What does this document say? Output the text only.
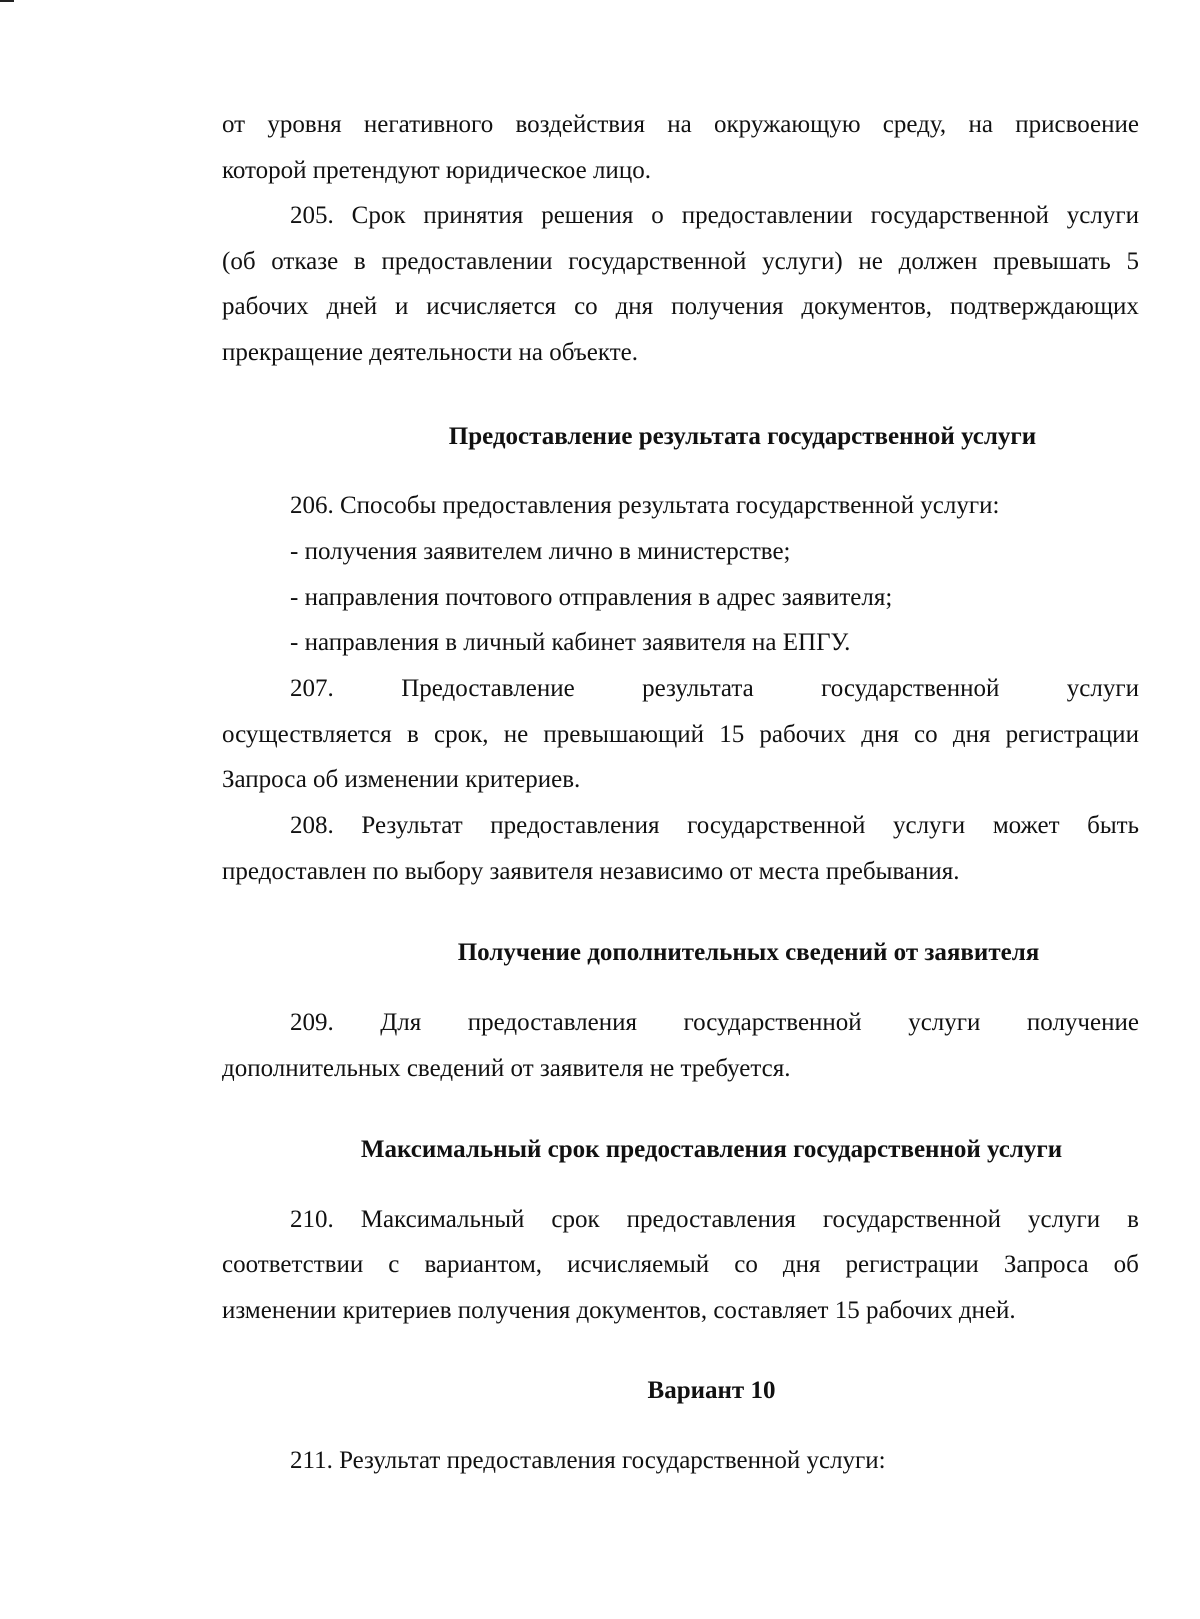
от уровня негативного воздействия на окружающую среду, на присвоение

которой претендуют юридическое лицо.

205. Срок принятия решения о предоставлении государственной услуги

(об отказе в предоставлении государственной услуги) не должен превышать 5

рабочих дней и исчисляется со дня получения документов, подтверждающих

прекращение деятельности на объекте.

Предоставление результата государственной услуги

206. Способы предоставления результата государственной услуги:

- получения заявителем лично в министерстве;

- направления почтового отправления в адрес заявителя;

- направления в личный кабинет заявителя на ЕПГУ.

207.	Предоставление	результата	государственной	услуги

осуществляется в срок, не превышающий 15 рабочих дня со дня регистрации

Запроса об изменении критериев.

208. Результат предоставления государственной услуги может быть

предоставлен по выбору заявителя независимо от места пребывания.

Получение дополнительных сведений от заявителя

209. Для предоставления государственной услуги получение

дополнительных сведений от заявителя не требуется.

Максимальный срок предоставления государственной услуги

210. Максимальный срок предоставления государственной услуги в

соответствии с вариантом, исчисляемый со дня регистрации Запроса об

изменении критериев получения документов, составляет 15 рабочих дней.

Вариант 10

211. Результат предоставления государственной услуги:
